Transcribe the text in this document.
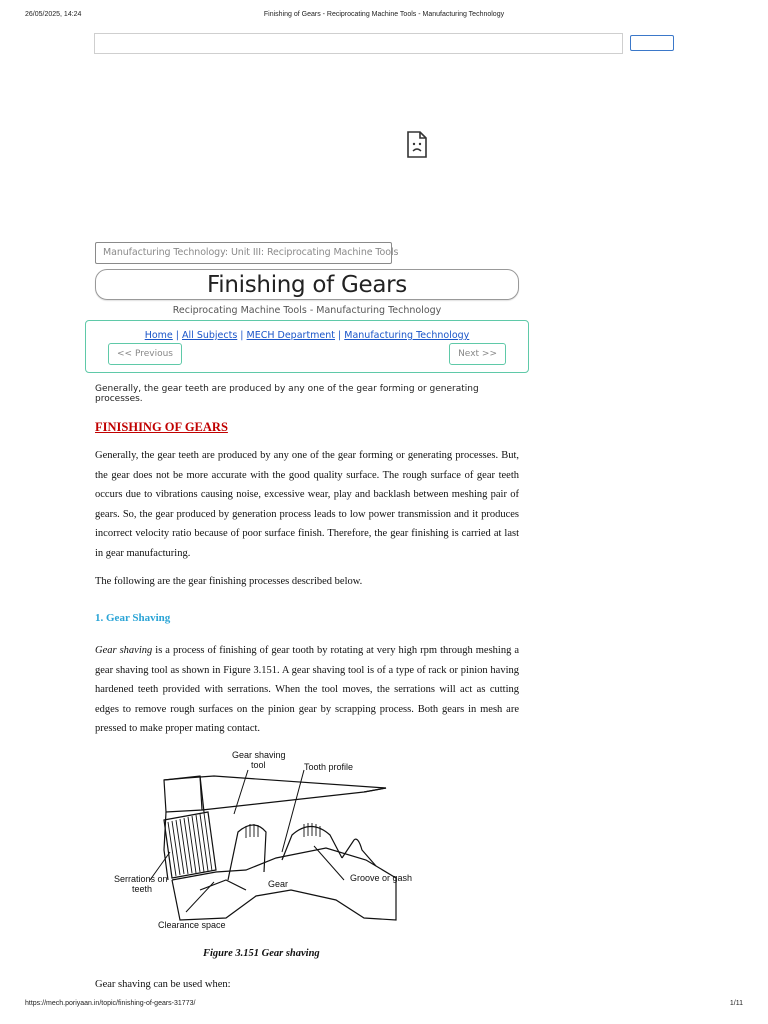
26/05/2025, 14:24	Finishing of Gears - Reciprocating Machine Tools - Manufacturing Technology
Manufacturing Technology: Unit III: Reciprocating Machine Tools
Finishing of Gears
Reciprocating Machine Tools - Manufacturing Technology
Home | All Subjects | MECH Department | Manufacturing Technology
<< Previous	Next >>
Generally, the gear teeth are produced by any one of the gear forming or generating processes.
FINISHING OF GEARS
Generally, the gear teeth are produced by any one of the gear forming or generating processes. But, the gear does not be more accurate with the good quality surface. The rough surface of gear teeth occurs due to vibrations causing noise, excessive wear, play and backlash between meshing pair of gears. So, the gear produced by generation process leads to low power transmission and it produces incorrect velocity ratio because of poor surface finish. Therefore, the gear finishing is carried at last in gear manufacturing.
The following are the gear finishing processes described below.
1. Gear Shaving
Gear shaving is a process of finishing of gear tooth by rotating at very high rpm through meshing a gear shaving tool as shown in Figure 3.151. A gear shaving tool is of a type of rack or pinion having hardened teeth provided with serrations. When the tool moves, the serrations will act as cutting edges to remove rough surfaces on the pinion gear by scrapping process. Both gears in mesh are pressed to make proper mating contact.
Gear shaving
tool	Tooth profile
Serrations on
teeth	Gear
Groove or gash
Clearance space
Figure 3.151 Gear shaving
Gear shaving can be used when:
https://mech.poriyaan.in/topic/finishing-of-gears-31773/	1/11
